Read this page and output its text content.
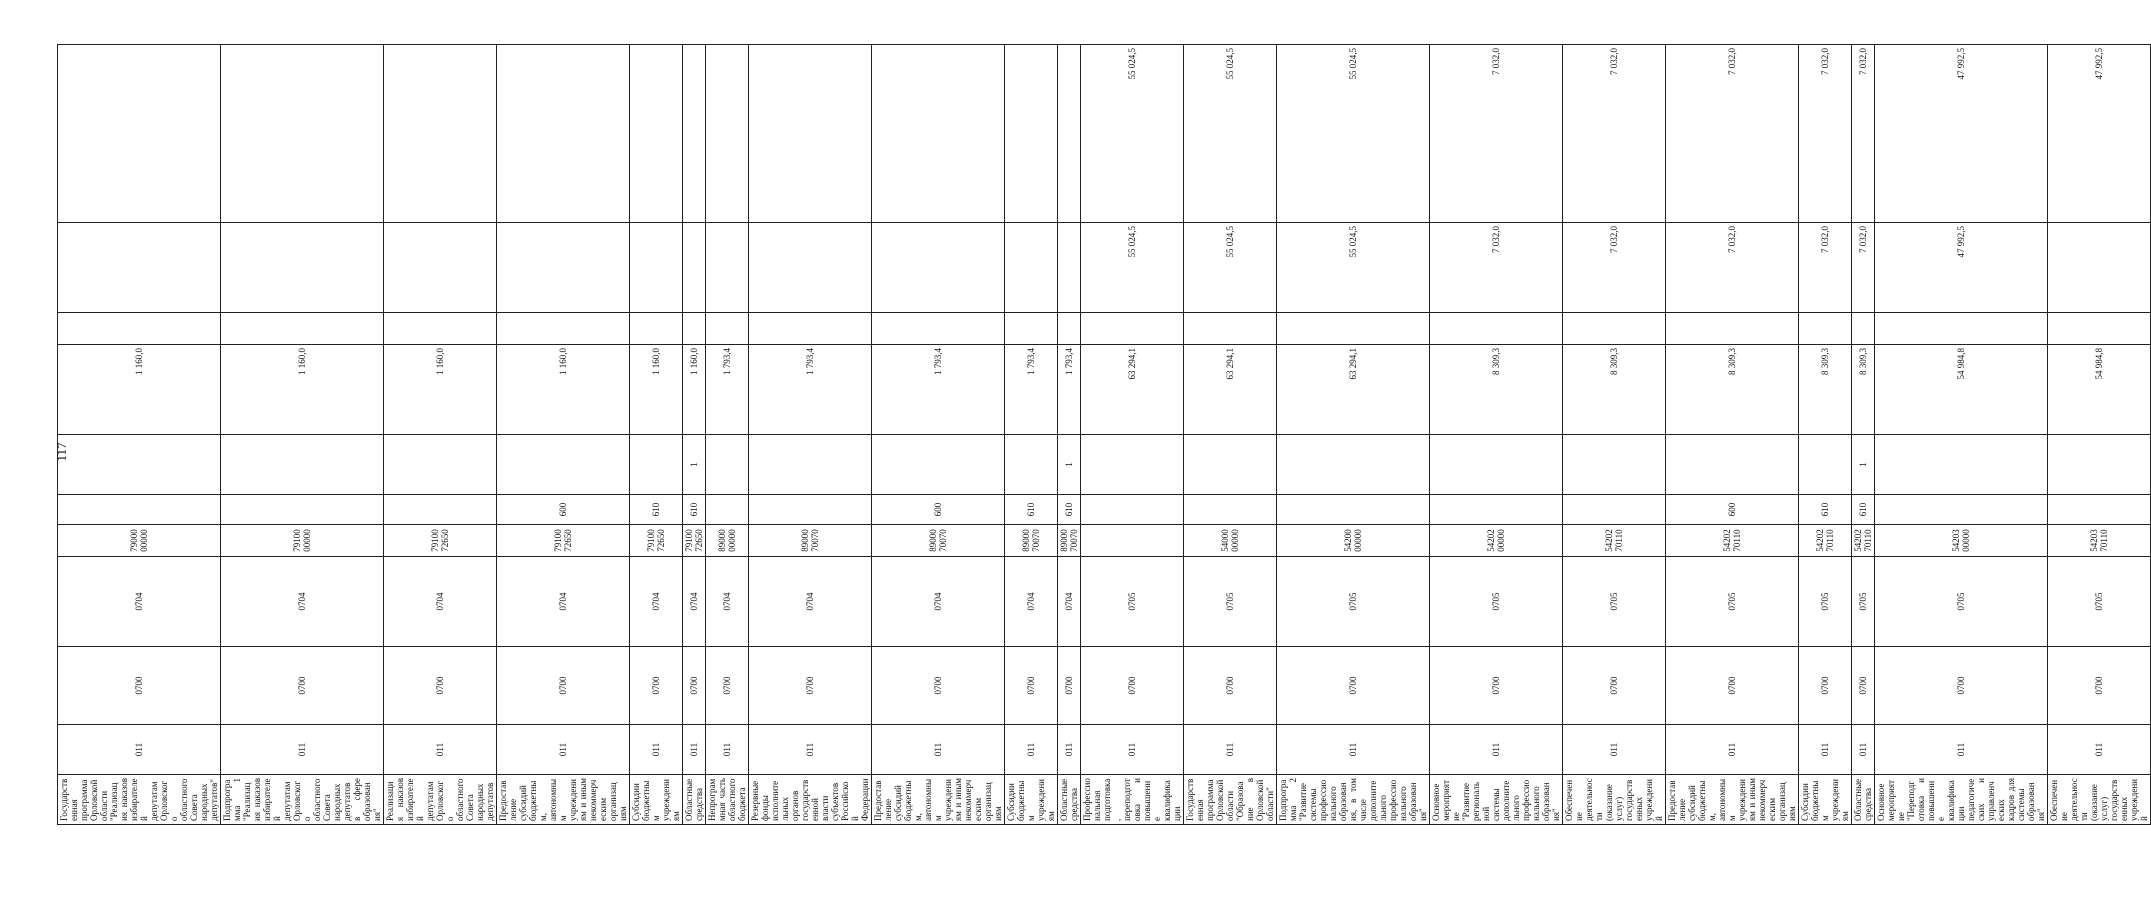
117
Государственная программа Орловской области "Реализация наказов избирателей депутатам Орловского областного Совета народных депутатов"	011	0700	0704	7900000000			1 160,0			
Подпрограмма 1 "Реализация наказов избирателей депутатам Орловского областного Совета народных депутатов в сфере образования"	011	0700	0704	7910000000			1 160,0			
Реализация наказов избирателей депутатам Орловского областного Совета народных депутатов	011	0700	0704	7910072650			1 160,0			
Предоставление субсидий бюджетным, автономным учреждениям и иным некоммерческим организациям	011	0700	0704	7910072650	600		1 160,0			
Субсидии бюджетным учреждениям	011	0700	0704	7910072650	610		1 160,0			
Областные средства	011	0700	0704	7910072650	610	1	1 160,0			
Непрограммная часть областного бюджета	011	0700	0704	8900000000			1 793,4			
Резервные фонды исполнительных органов государственной власти субъектов Российской Федерации	011	0700	0704	8900070070			1 793,4			
Предоставление субсидий бюджетным, автономным учреждениям и иным некоммерческим организациям	011	0700	0704	8900070070	600		1 793,4			
Субсидии бюджетным учреждениям	011	0700	0704	8900070070	610		1 793,4			
Областные средства	011	0700	0704	8900070070	610	1	1 793,4			
Профессиональная подготовка, переподготовка и повышение квалификации	011	0700	0705				63 294,1		55 024,5	55 024,5
Государственная программа Орловской области "Образование в Орловской области"	011	0700	0705	5400000000			63 294,1		55 024,5	55 024,5
Подпрограмма 2 "Развитие системы профессионального образования, в том числе дополнительного профессионального образования"	011	0700	0705	5420000000			63 294,1		55 024,5	55 024,5
Основное мероприятие "Развитие региональной системы дополнительного профессионального образования"	011	0700	0705	5420200000			8 309,3		7 032,0	7 032,0
Обеспечение деятельности (оказание услуг) государственных учреждений	011	0700	0705	5420270110			8 309,3		7 032,0	7 032,0
Предоставление субсидий бюджетным, автономным учреждениям и иным некоммерческим организациям	011	0700	0705	5420270110	600		8 309,3		7 032,0	7 032,0
Субсидии бюджетным учреждениям	011	0700	0705	5420270110	610		8 309,3		7 032,0	7 032,0
Областные средства	011	0700	0705	5420270110	610	1	8 309,3		7 032,0	7 032,0
Основное мероприятие "Переподготовка и повышение квалификации педагогических и управленческих кадров для системы образования"	011	0700	0705	5420300000			54 984,8		47 992,5	47 992,5
Обеспечение деятельности (оказание услуг) государственных учреждений	011	0700	0705	5420370110			54 984,8			47 992,5
